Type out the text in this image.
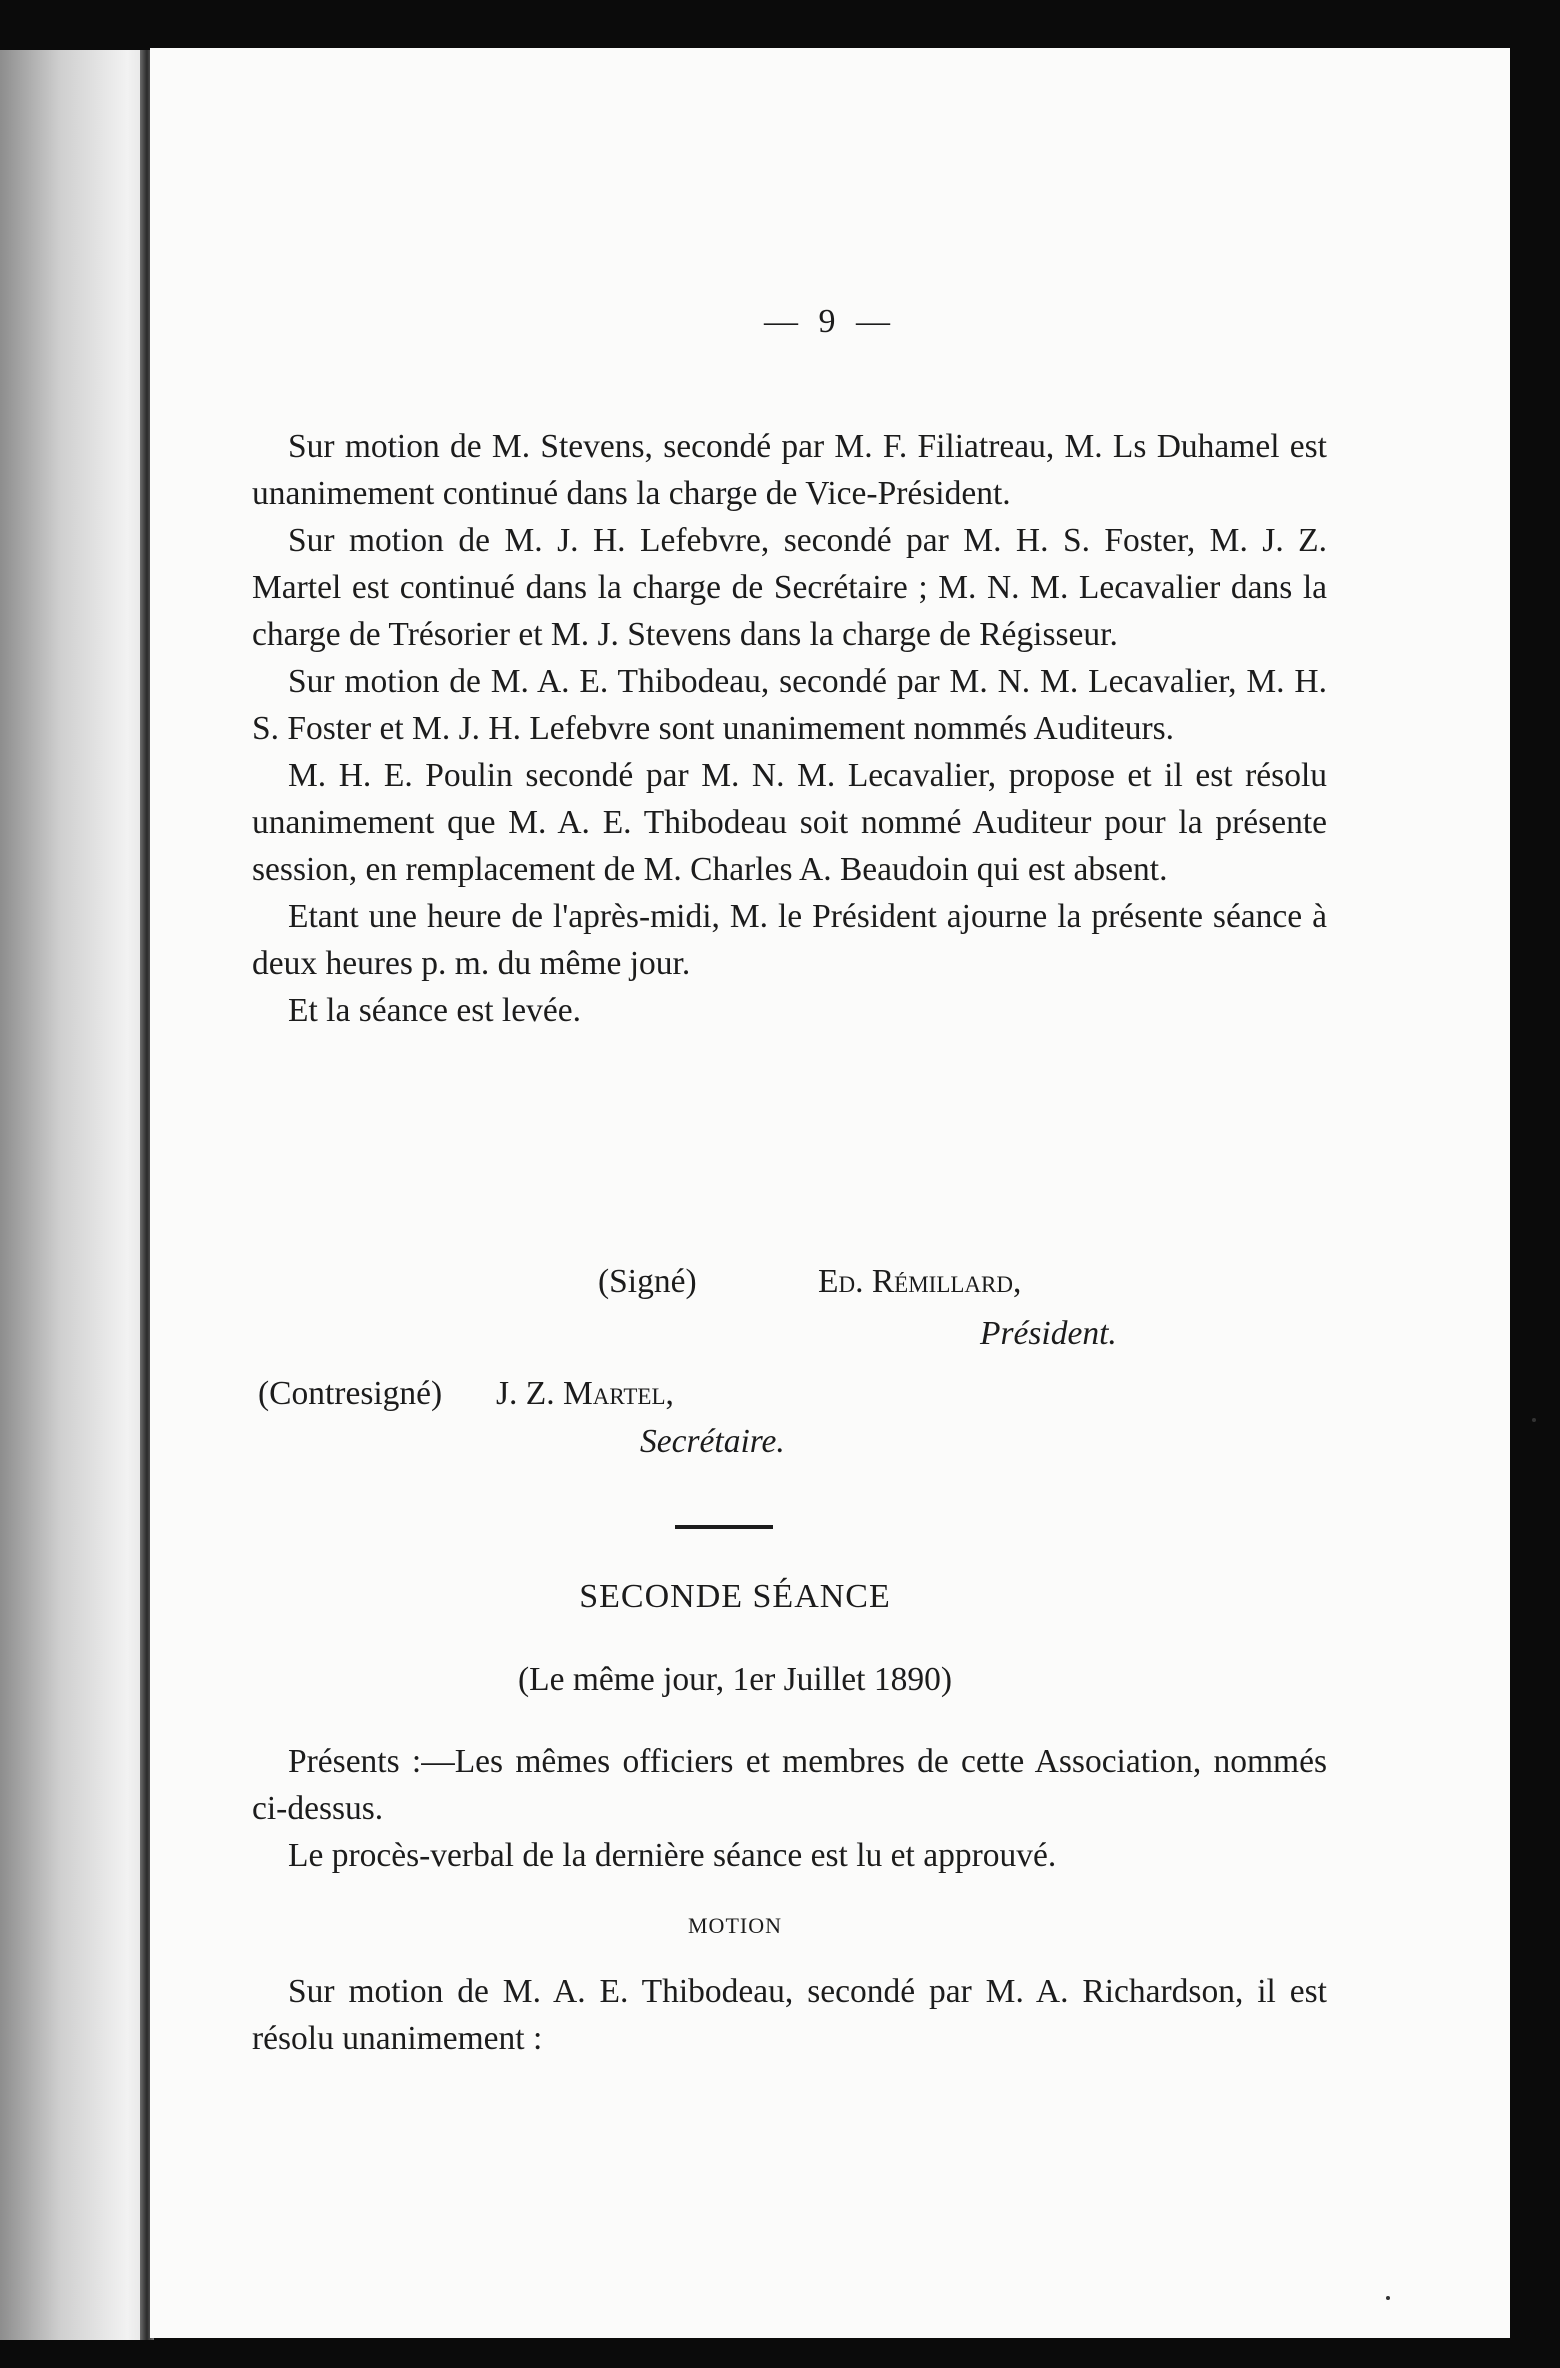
— 9 —

Sur motion de M. Stevens, secondé par M. F. Filiatreau, M. Ls Duhamel est unanimement continué dans la charge de Vice-Président.

Sur motion de M. J. H. Lefebvre, secondé par M. H. S. Foster, M. J. Z. Martel est continué dans la charge de Secrétaire ; M. N. M. Lecavalier dans la charge de Trésorier et M. J. Stevens dans la charge de Régisseur.

Sur motion de M. A. E. Thibodeau, secondé par M. N. M. Lecavalier, M. H. S. Foster et M. J. H. Lefebvre sont unanimement nommés Auditeurs.

M. H. E. Poulin secondé par M. N. M. Lecavalier, propose et il est résolu unanimement que M. A. E. Thibodeau soit nommé Auditeur pour la présente session, en remplacement de M. Charles A. Beaudoin qui est absent.

Etant une heure de l'après-midi, M. le Président ajourne la présente séance à deux heures p. m. du même jour.

Et la séance est levée.

(Signé)	Ed. Rémillard,
Président.
(Contresigné) J. Z. Martel,
Secrétaire.
SECONDE SÉANCE
(Le même jour, 1er Juillet 1890)

Présents :—Les mêmes officiers et membres de cette Association, nommés ci-dessus.

Le procès-verbal de la dernière séance est lu et approuvé.

MOTION

Sur motion de M. A. E. Thibodeau, secondé par M. A. Richardson, il est résolu unanimement :
